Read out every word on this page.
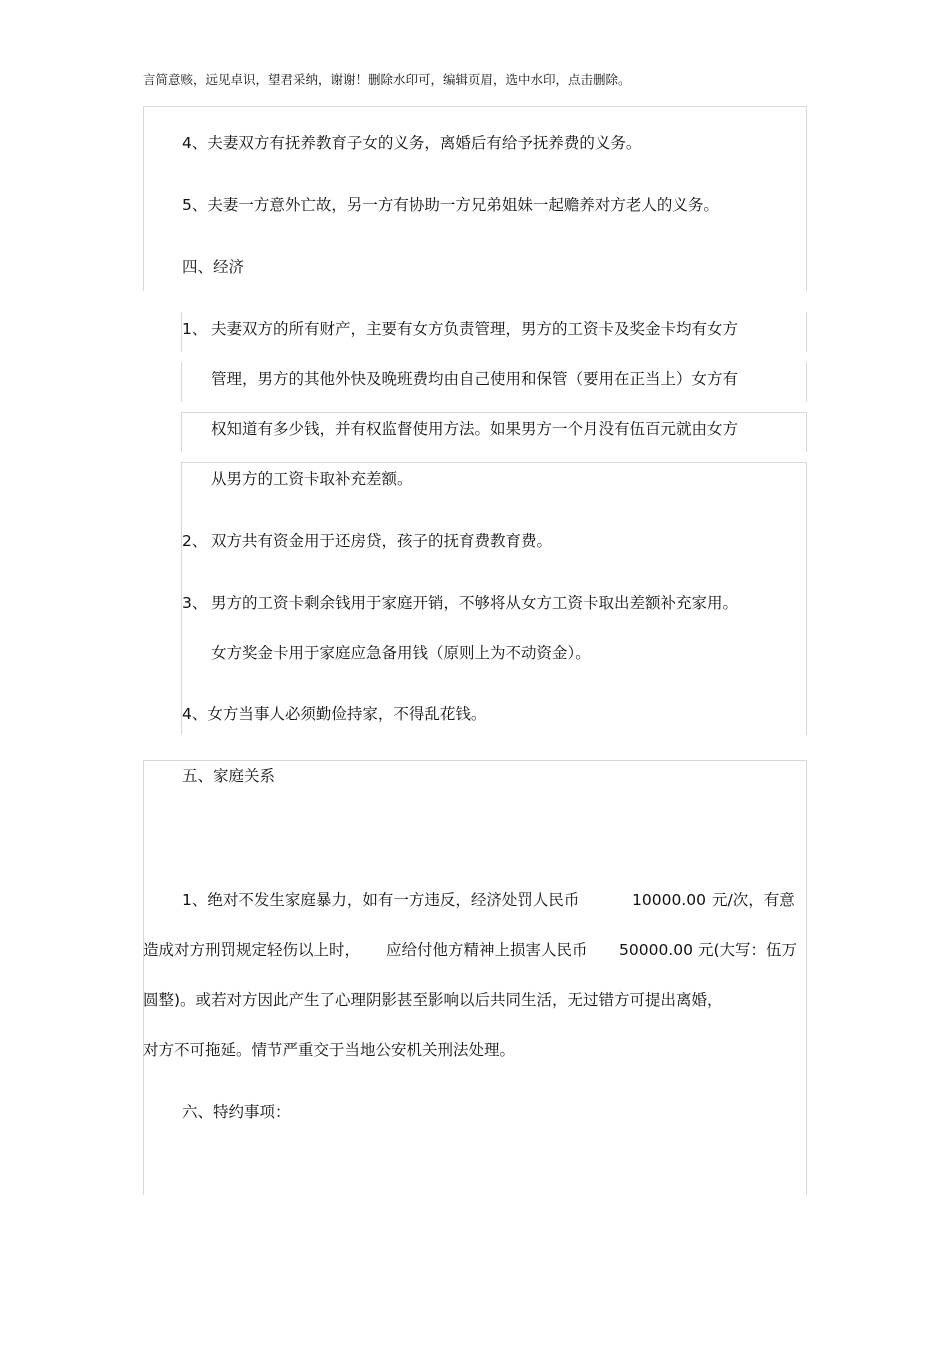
言简意赅，远见卓识，望君采纳，谢谢！删除水印可，编辑页眉，选中水印，点击删除。
4、夫妻双方有抚养教育子女的义务，离婚后有给予抚养费的义务。
5、夫妻一方意外亡故，另一方有协助一方兄弟姐妹一起赡养对方老人的义务。
四、经济
1、 夫妻双方的所有财产，主要有女方负责管理，男方的工资卡及奖金卡均有女方
管理，男方的其他外快及晚班费均由自己使用和保管（要用在正当上）女方有
权知道有多少钱，并有权监督使用方法。如果男方一个月没有伍百元就由女方
从男方的工资卡取补充差额。
2、 双方共有资金用于还房贷，孩子的抚育费教育费。
3、 男方的工资卡剩余钱用于家庭开销，不够将从女方工资卡取出差额补充家用。
女方奖金卡用于家庭应急备用钱（原则上为不动资金）。
4、女方当事人必须勤俭持家，不得乱花钱。
五、家庭关系
1、绝对不发生家庭暴力，如有一方违反，经济处罚人民币	10000.00 元/次，有意
造成对方刑罚规定轻伤以上时， 应给付他方精神上损害人民币 50000.00 元(大写：伍万
圆整)。或若对方因此产生了心理阴影甚至影响以后共同生活，无过错方可提出离婚，
对方不可拖延。情节严重交于当地公安机关刑法处理。
六、特约事项：
